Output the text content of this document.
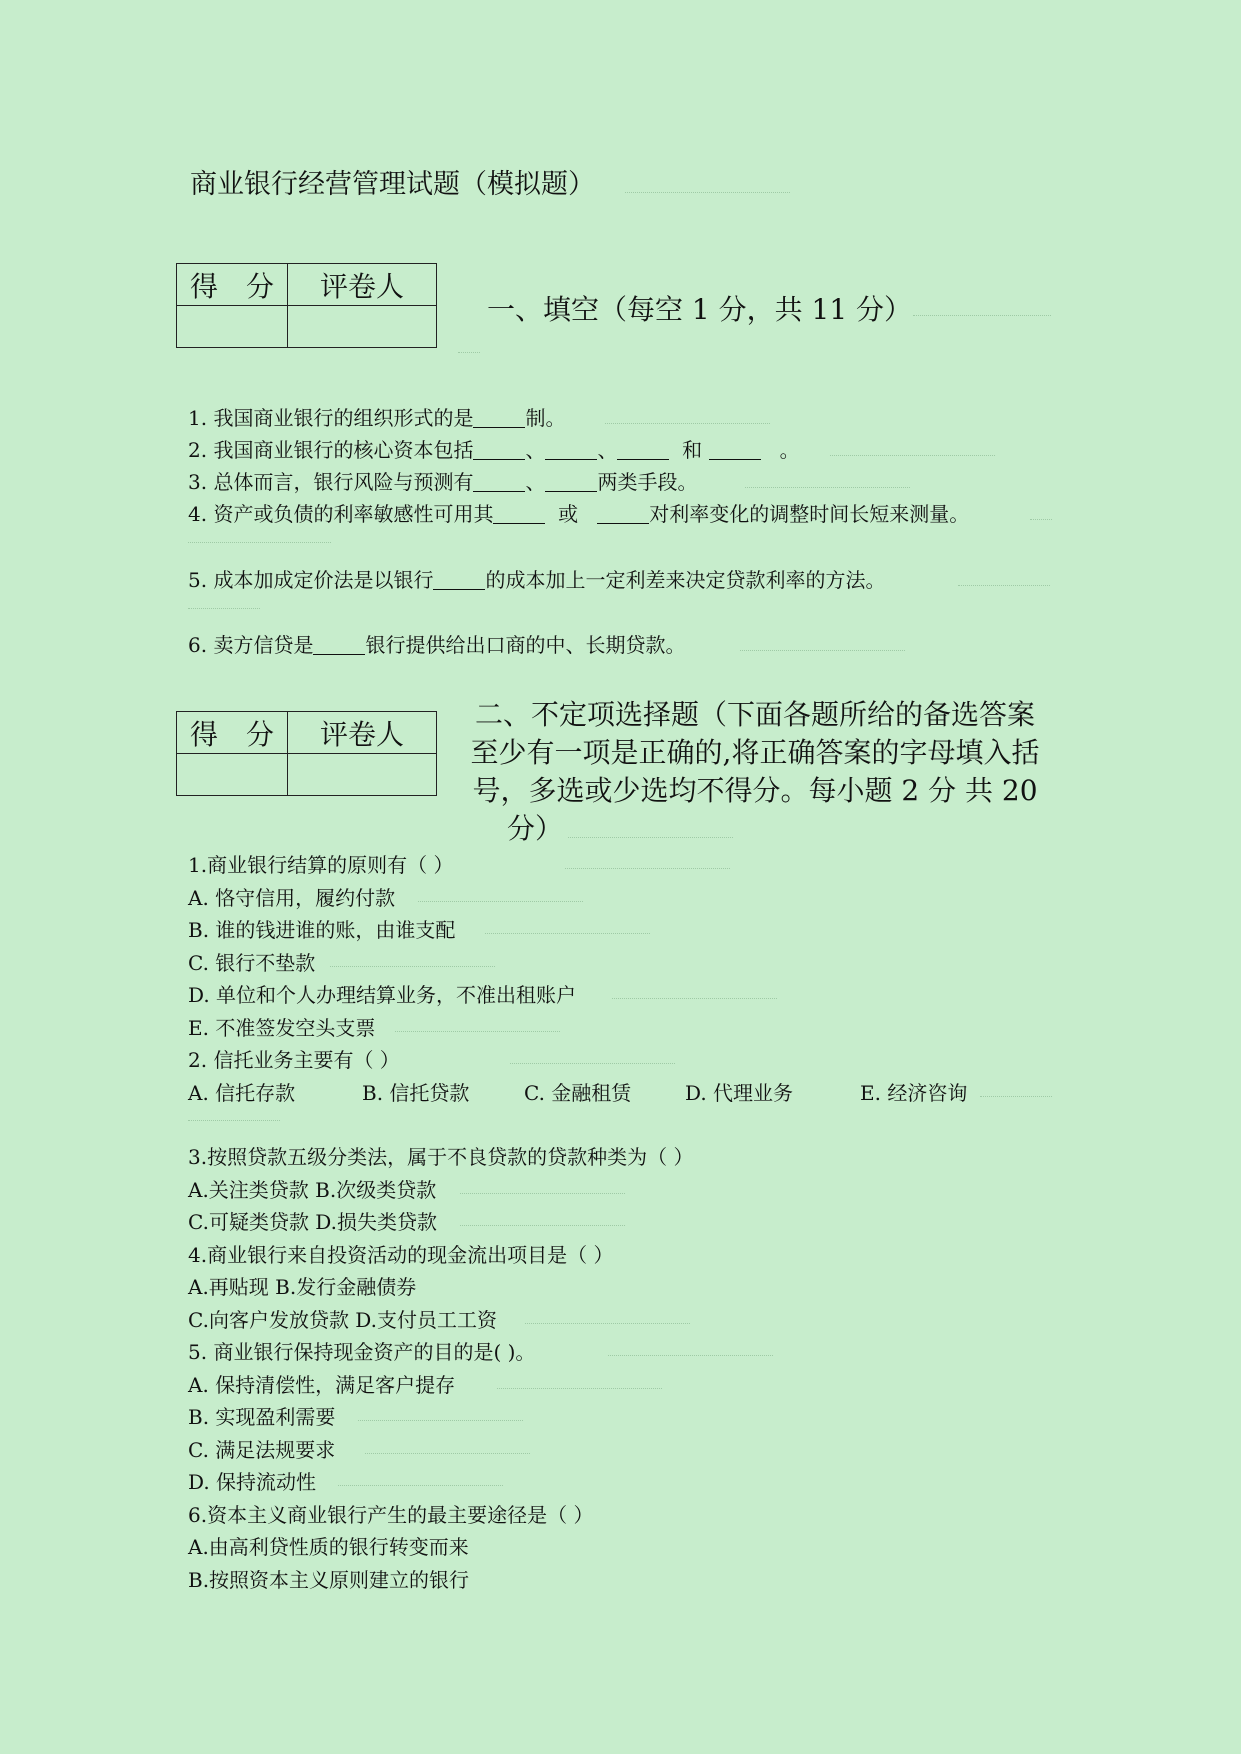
商业银行经营管理试题（模拟题）
得　分	评卷人

一、填空（每空 1 分，共 11 分）
1. 我国商业银行的组织形式的是	制。
2. 我国商业银行的核心资本包括	、	、	和	。
3. 总体而言，银行风险与预测有	、	两类手段。
4. 资产或负债的利率敏感性可用其	或	对利率变化的调整时间长短来测量。
5. 成本加成定价法是以银行	的成本加上一定利差来决定贷款利率的方法。
6. 卖方信贷是	银行提供给出口商的中、长期贷款。
得　分	评卷人

二、不定项选择题（下面各题所给的备选答案
至少有一项是正确的,将正确答案的字母填入括
号，多选或少选均不得分。每小题 2 分 共 20
分）
1.商业银行结算的原则有（ ）
A. 恪守信用，履约付款
B. 谁的钱进谁的账，由谁支配
C. 银行不垫款
D. 单位和个人办理结算业务，不准出租账户
E. 不准签发空头支票
2. 信托业务主要有（ ）
A. 信托存款	B. 信托贷款	C. 金融租赁	D. 代理业务	E. 经济咨询
3.按照贷款五级分类法，属于不良贷款的贷款种类为（ ）
A.关注类贷款 B.次级类贷款
C.可疑类贷款 D.损失类贷款
4.商业银行来自投资活动的现金流出项目是（ ）
A.再贴现 B.发行金融债券
C.向客户发放贷款 D.支付员工工资
5. 商业银行保持现金资产的目的是( )。
A. 保持清偿性，满足客户提存
B. 实现盈利需要
C. 满足法规要求
D. 保持流动性
6.资本主义商业银行产生的最主要途径是（ ）
A.由高利贷性质的银行转变而来
B.按照资本主义原则建立的银行
